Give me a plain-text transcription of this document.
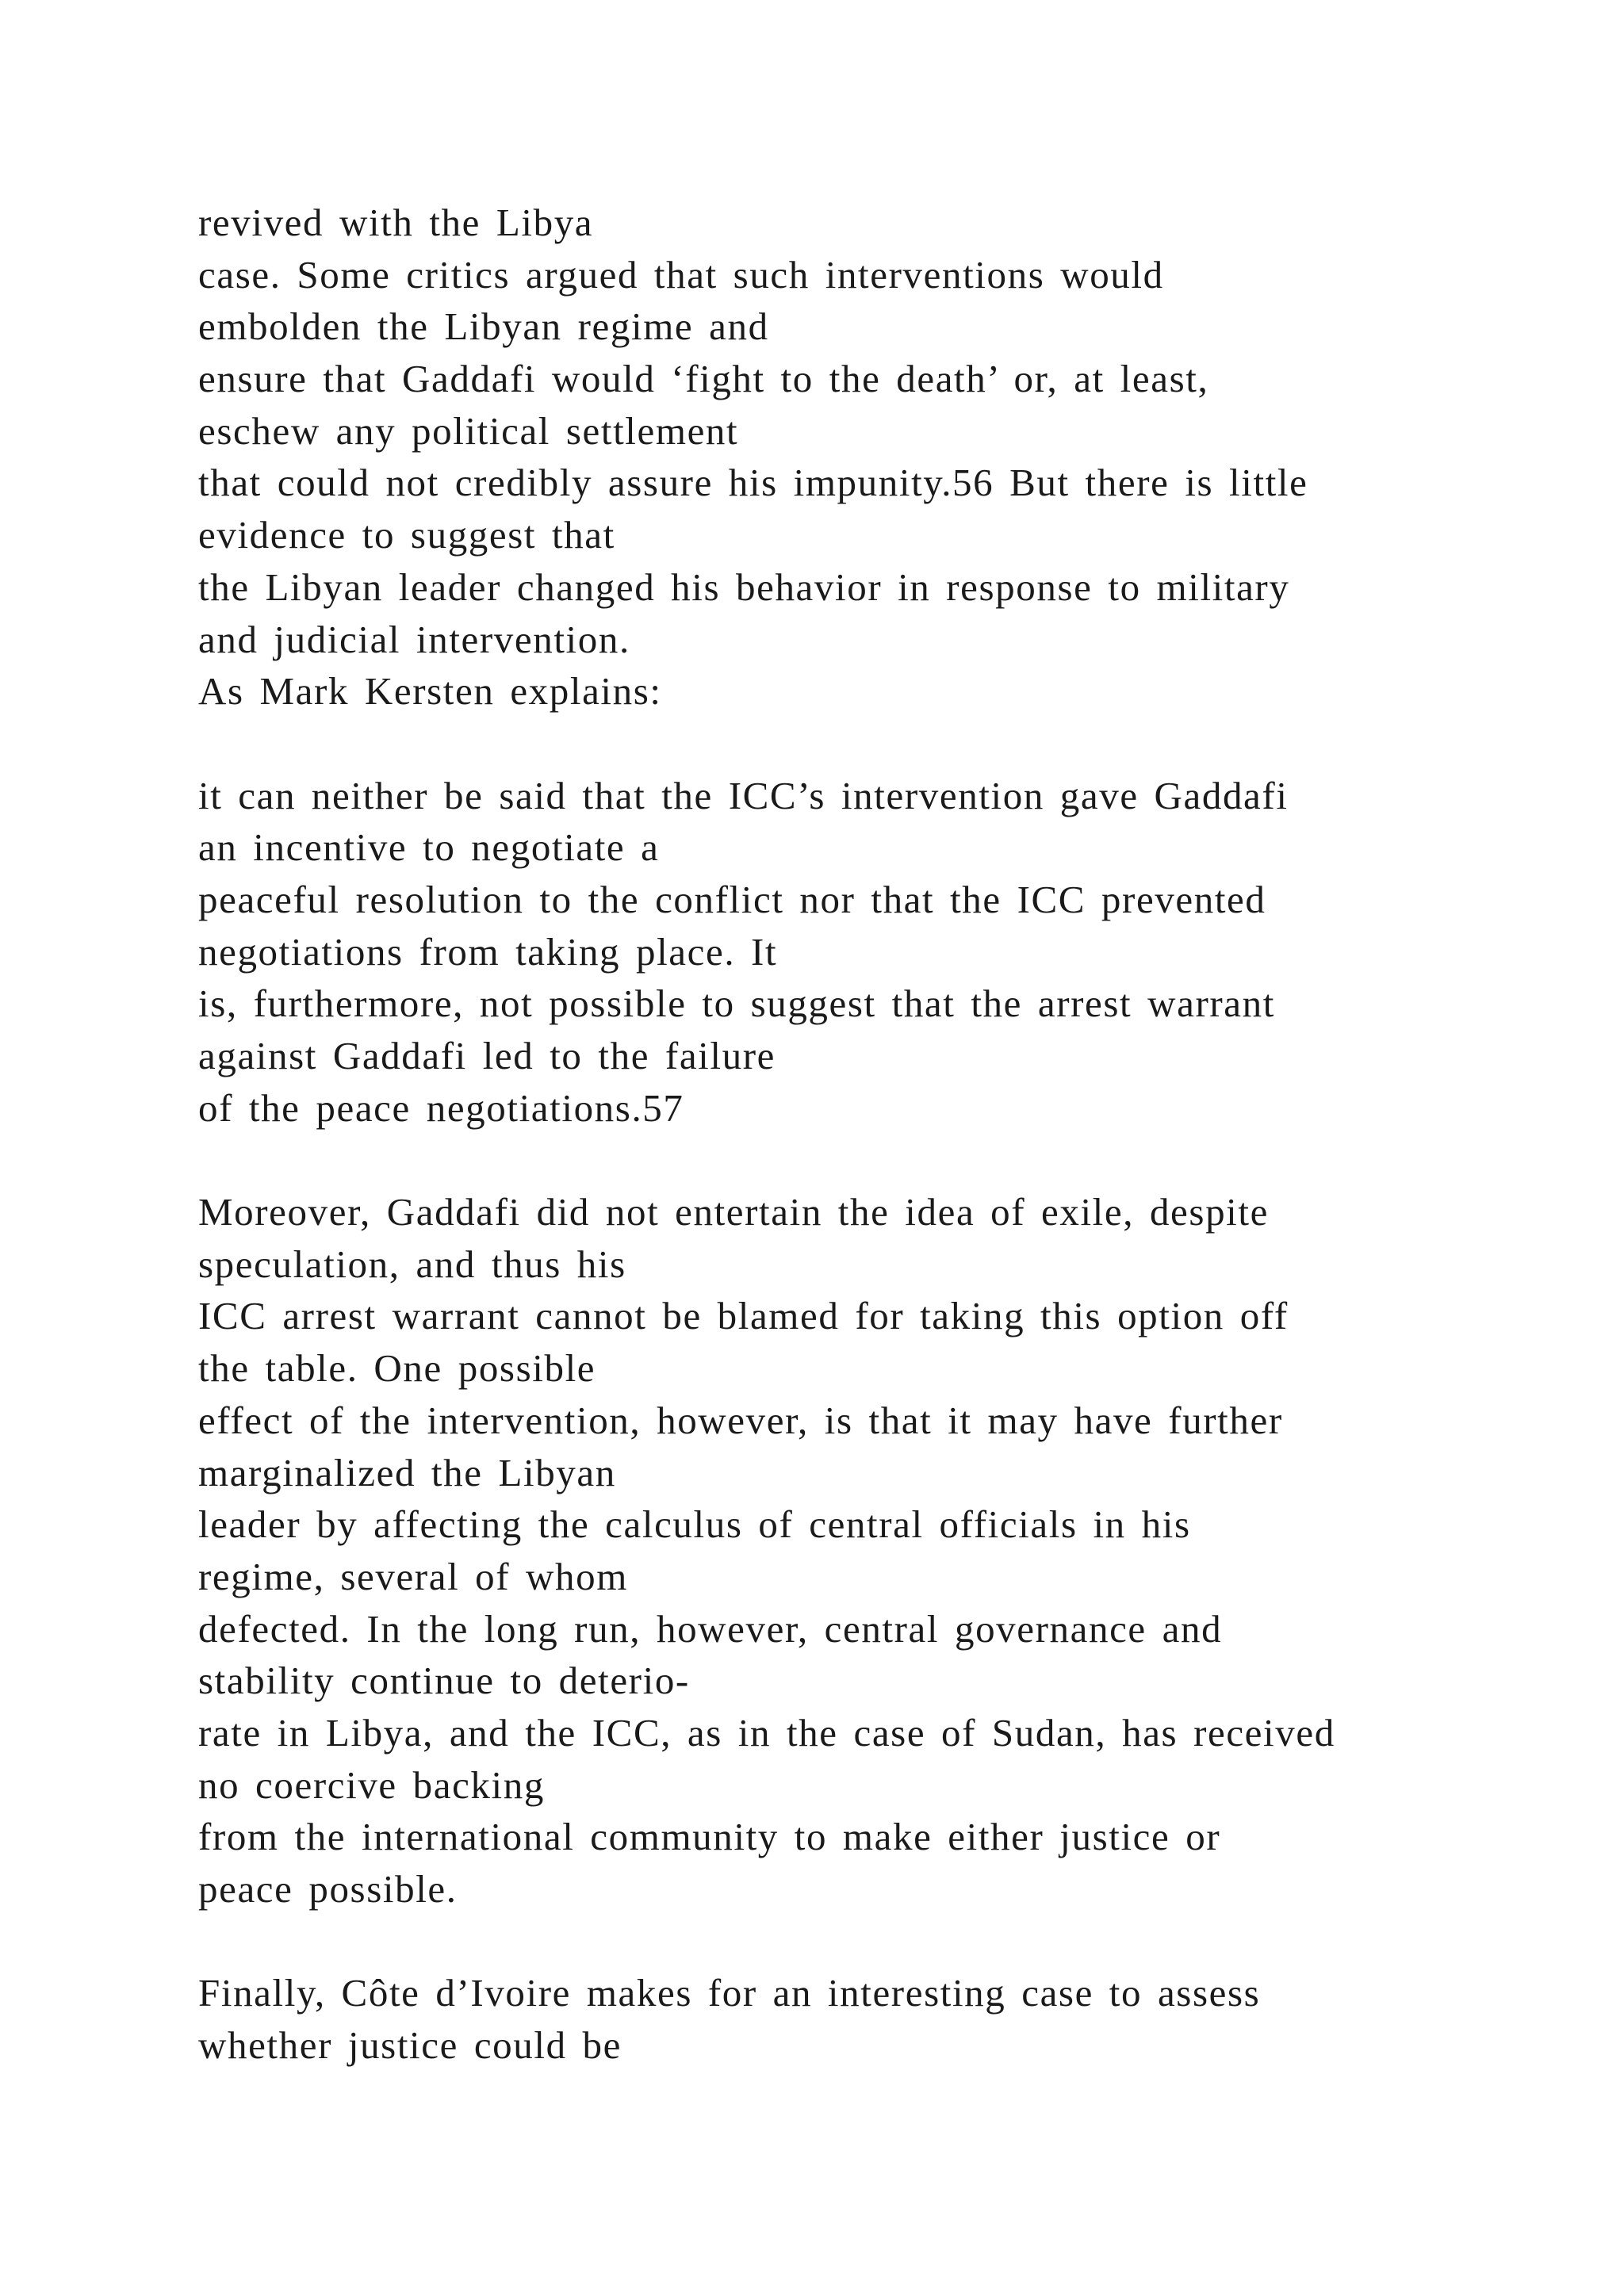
revived with the Libya
case. Some critics argued that such interventions would
embolden the Libyan regime and
ensure that Gaddafi would ‘fight to the death’ or, at least,
eschew any political settlement
that could not credibly assure his impunity.56 But there is little
evidence to suggest that
the Libyan leader changed his behavior in response to military
and judicial intervention.
As Mark Kersten explains:
it can neither be said that the ICC’s intervention gave Gaddafi
an incentive to negotiate a
peaceful resolution to the conflict nor that the ICC prevented
negotiations from taking place. It
is, furthermore, not possible to suggest that the arrest warrant
against Gaddafi led to the failure
of the peace negotiations.57
Moreover, Gaddafi did not entertain the idea of exile, despite
speculation, and thus his
ICC arrest warrant cannot be blamed for taking this option off
the table. One possible
effect of the intervention, however, is that it may have further
marginalized the Libyan
leader by affecting the calculus of central officials in his
regime, several of whom
defected. In the long run, however, central governance and
stability continue to deterio-
rate in Libya, and the ICC, as in the case of Sudan, has received
no coercive backing
from the international community to make either justice or
peace possible.
Finally, Côte d’Ivoire makes for an interesting case to assess
whether justice could be
